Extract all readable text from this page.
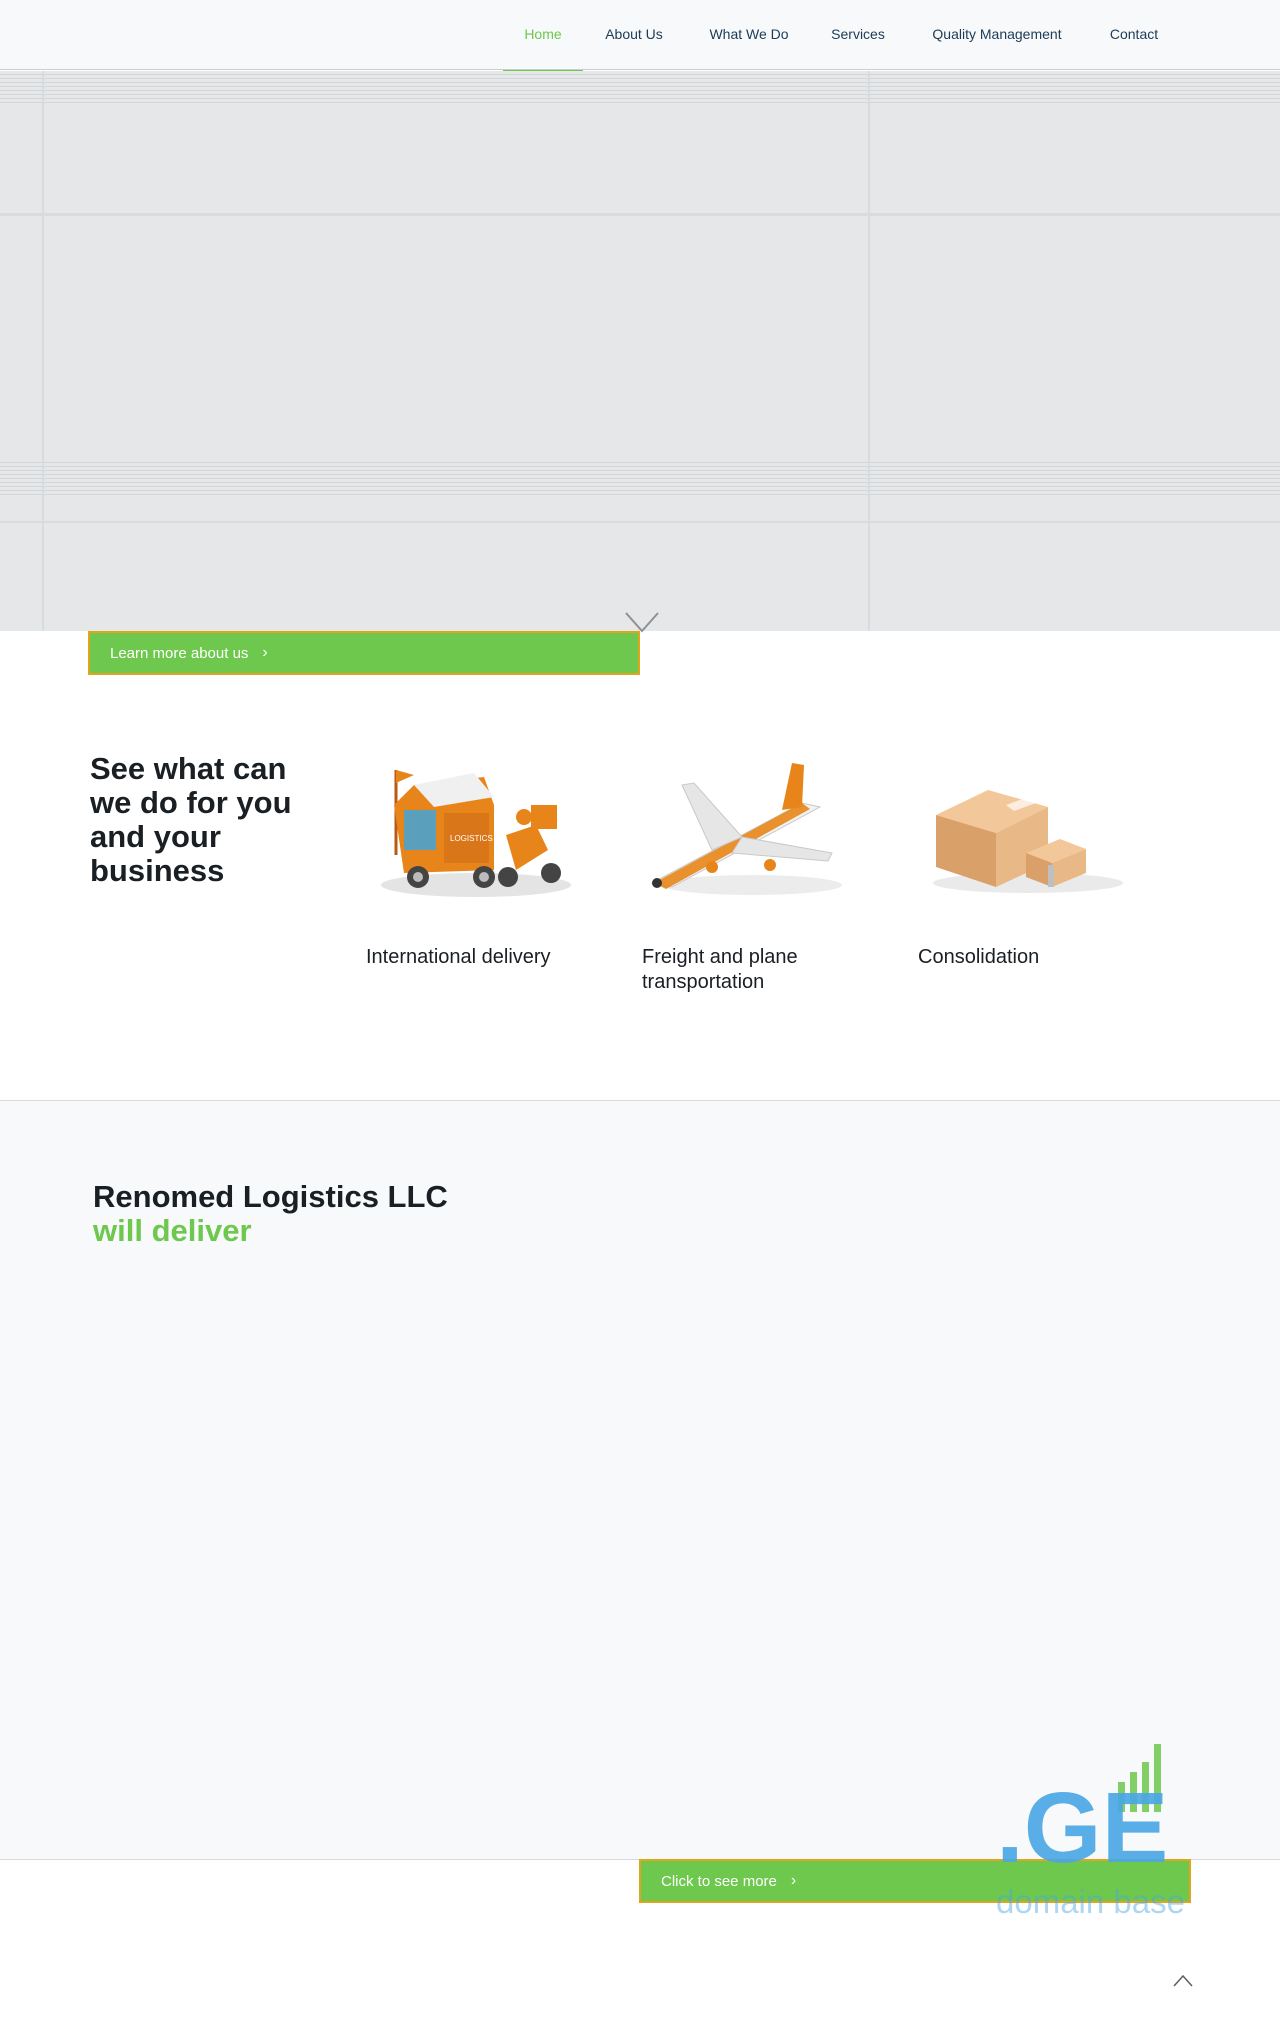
Home	About Us	What We Do	Services	Quality Management	Contact
Learn more about us ›
See what can we do for you and your business
LOGISTICS
International delivery	Freight and plane transportation
Consolidation
Renomed Logistics LLC
will deliver
Click to see more › .GE
domain base
